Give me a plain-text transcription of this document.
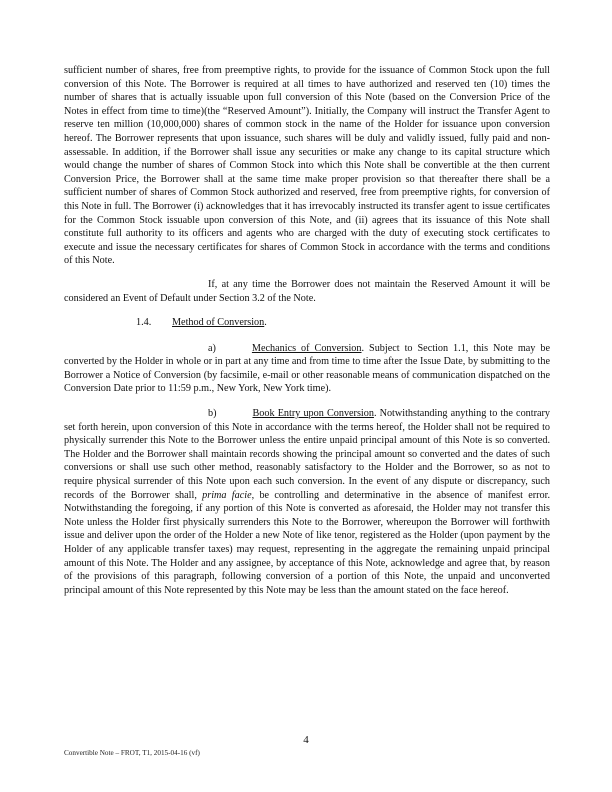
sufficient number of shares, free from preemptive rights, to provide for the issuance of Common Stock upon the full conversion of this Note. The Borrower is required at all times to have authorized and reserved ten (10) times the number of shares that is actually issuable upon full conversion of this Note (based on the Conversion Price of the Notes in effect from time to time)(the “Reserved Amount”). Initially, the Company will instruct the Transfer Agent to reserve ten million (10,000,000) shares of common stock in the name of the Holder for issuance upon conversion hereof. The Borrower represents that upon issuance, such shares will be duly and validly issued, fully paid and non-assessable. In addition, if the Borrower shall issue any securities or make any change to its capital structure which would change the number of shares of Common Stock into which this Note shall be convertible at the then current Conversion Price, the Borrower shall at the same time make proper provision so that thereafter there shall be a sufficient number of shares of Common Stock authorized and reserved, free from preemptive rights, for conversion of this Note in full. The Borrower (i) acknowledges that it has irrevocably instructed its transfer agent to issue certificates for the Common Stock issuable upon conversion of this Note, and (ii) agrees that its issuance of this Note shall constitute full authority to its officers and agents who are charged with the duty of executing stock certificates to execute and issue the necessary certificates for shares of Common Stock in accordance with the terms and conditions of this Note.

If, at any time the Borrower does not maintain the Reserved Amount it will be considered an Event of Default under Section 3.2 of the Note.

1.4. Method of Conversion.

a)	Mechanics of Conversion. Subject to Section 1.1, this Note may be converted by the Holder in whole or in part at any time and from time to time after the Issue Date, by submitting to the Borrower a Notice of Conversion (by facsimile, e-mail or other reasonable means of communication dispatched on the Conversion Date prior to 11:59 p.m., New York, New York time).

b)	Book Entry upon Conversion. Notwithstanding anything to the contrary set forth herein, upon conversion of this Note in accordance with the terms hereof, the Holder shall not be required to physically surrender this Note to the Borrower unless the entire unpaid principal amount of this Note is so converted. The Holder and the Borrower shall maintain records showing the principal amount so converted and the dates of such conversions or shall use such other method, reasonably satisfactory to the Holder and the Borrower, so as not to require physical surrender of this Note upon each such conversion. In the event of any dispute or discrepancy, such records of the Borrower shall, prima facie, be controlling and determinative in the absence of manifest error. Notwithstanding the foregoing, if any portion of this Note is converted as aforesaid, the Holder may not transfer this Note unless the Holder first physically surrenders this Note to the Borrower, whereupon the Borrower will forthwith issue and deliver upon the order of the Holder a new Note of like tenor, registered as the Holder (upon payment by the Holder of any applicable transfer taxes) may request, representing in the aggregate the remaining unpaid principal amount of this Note. The Holder and any assignee, by acceptance of this Note, acknowledge and agree that, by reason of the provisions of this paragraph, following conversion of a portion of this Note, the unpaid and unconverted principal amount of this Note represented by this Note may be less than the amount stated on the face hereof.

4
Convertible Note – FROT, T1, 2015-04-16 (vf)
